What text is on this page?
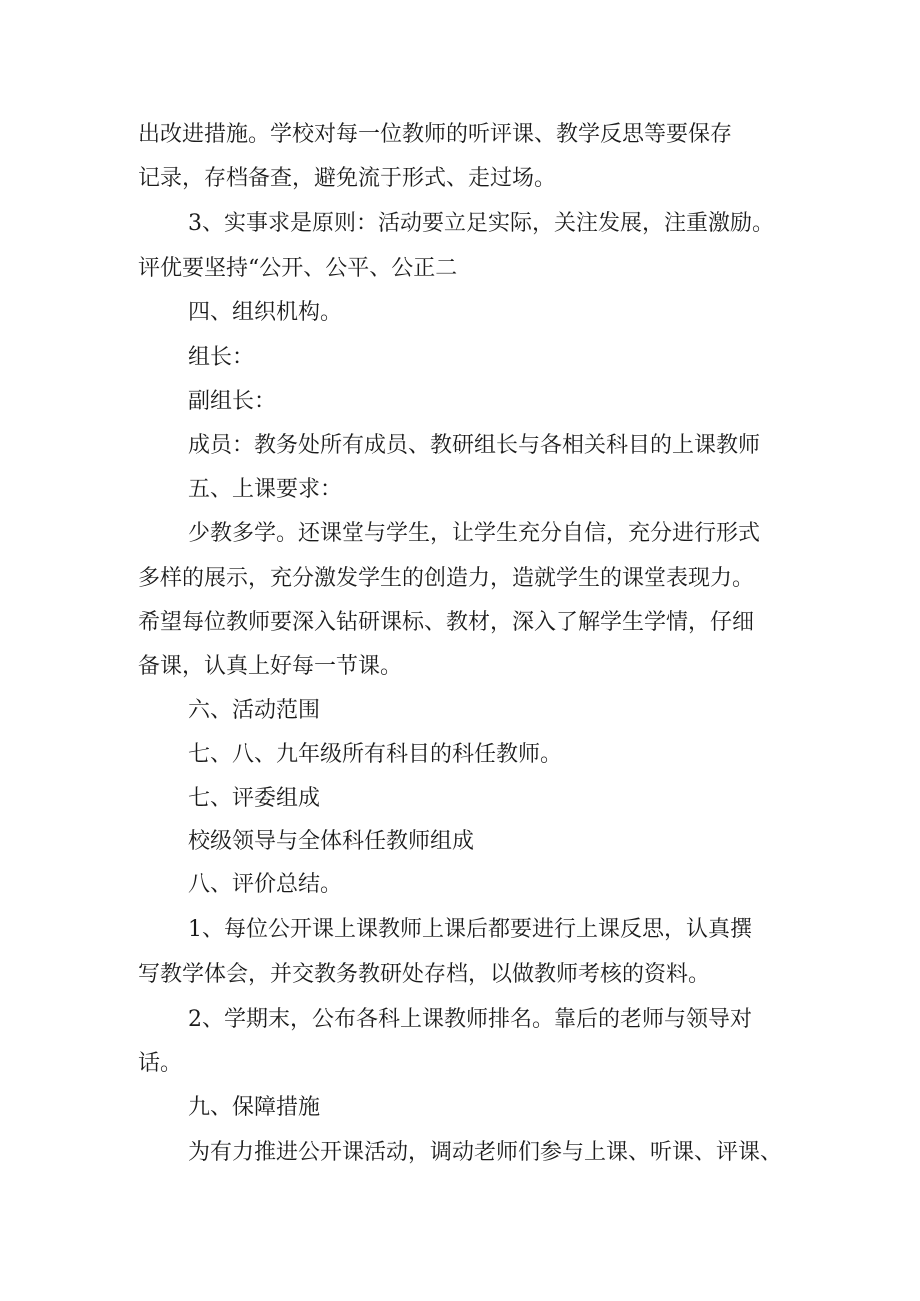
出改进措施。学校对每一位教师的听评课、教学反思等要保存
记录，存档备查，避免流于形式、走过场。
3、实事求是原则：活动要立足实际，关注发展，注重激励。
评优要坚持“公开、公平、公正二
四、组织机构。
组长：
副组长：
成员：教务处所有成员、教研组长与各相关科目的上课教师
五、上课要求：
少教多学。还课堂与学生，让学生充分自信，充分进行形式
多样的展示，充分激发学生的创造力，造就学生的课堂表现力。
希望每位教师要深入钻研课标、教材，深入了解学生学情，仔细
备课，认真上好每一节课。
六、活动范围
七、八、九年级所有科目的科任教师。
七、评委组成
校级领导与全体科任教师组成
八、评价总结。
1、每位公开课上课教师上课后都要进行上课反思，认真撰
写教学体会，并交教务教研处存档，以做教师考核的资料。
2、学期末，公布各科上课教师排名。靠后的老师与领导对
话。
九、保障措施
为有力推进公开课活动，调动老师们参与上课、听课、评课、
